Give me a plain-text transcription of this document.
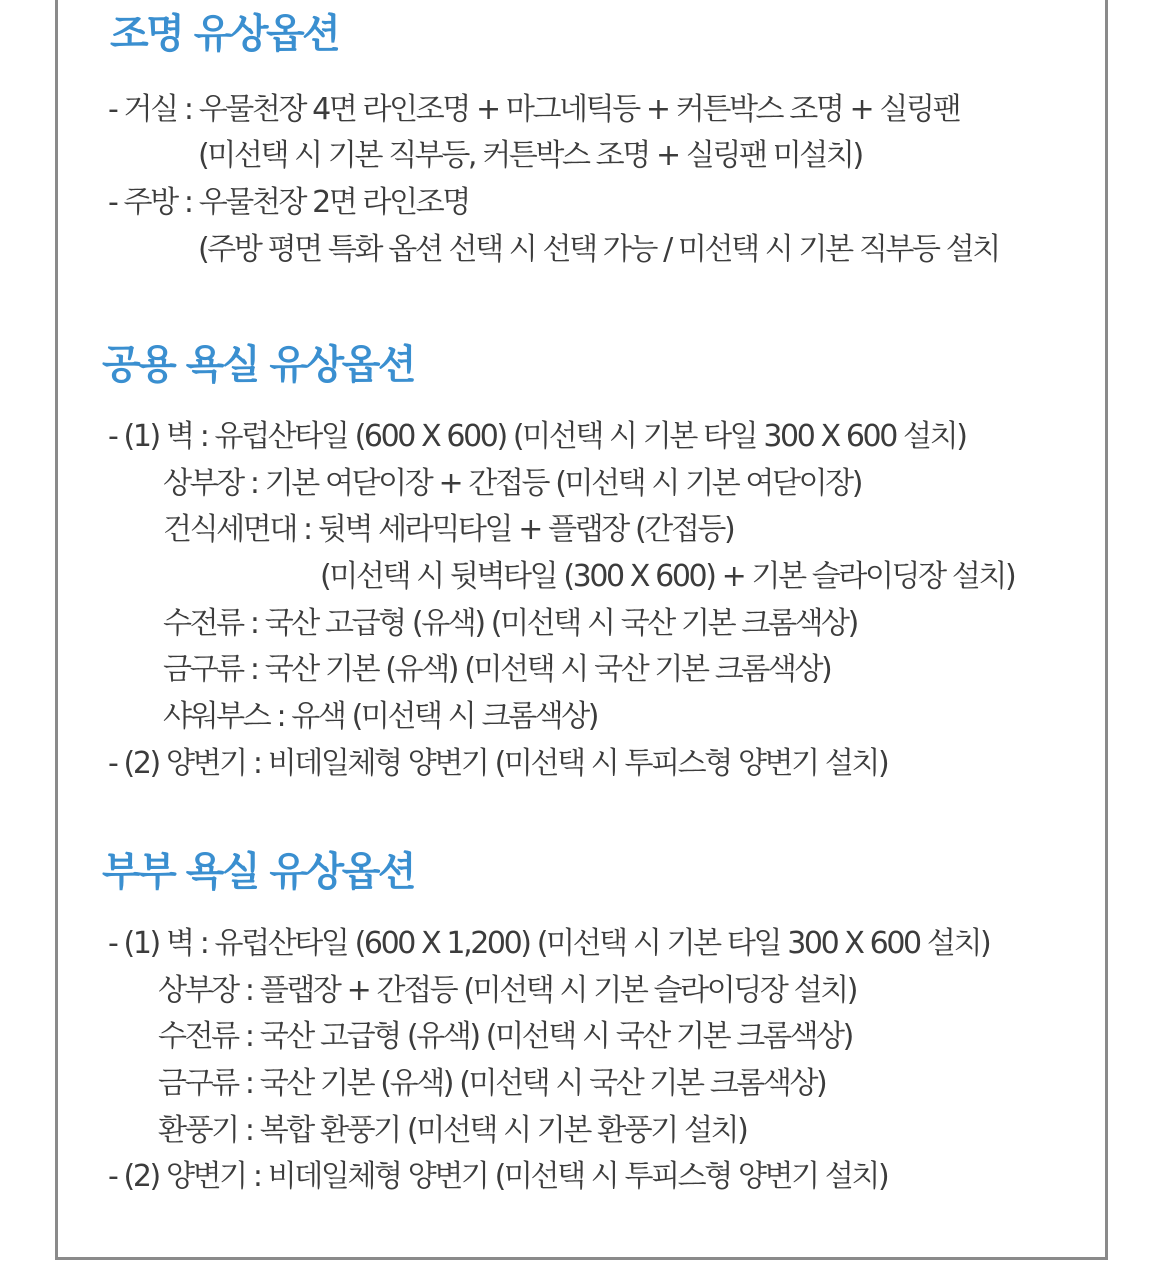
조명 유상옵션

- 거실 : 우물천장 4면 라인조명 + 마그네틱등 + 커튼박스 조명 + 실링팬

(미선택 시 기본 직부등, 커튼박스 조명 + 실링팬 미설치)

- 주방 : 우물천장 2면 라인조명

(주방 평면 특화 옵션 선택 시 선택 가능 / 미선택 시 기본 직부등 설치

공용 욕실 유상옵션

- (1) 벽 : 유럽산타일 (600 X 600) (미선택 시 기본 타일 300 X 600 설치)

상부장 : 기본 여닫이장 + 간접등 (미선택 시 기본 여닫이장)

건식세면대 : 뒷벽 세라믹타일 + 플랩장 (간접등)

(미선택 시 뒷벽타일 (300 X 600) + 기본 슬라이딩장 설치)

수전류 : 국산 고급형 (유색) (미선택 시 국산 기본 크롬색상)

금구류 : 국산 기본 (유색) (미선택 시 국산 기본 크롬색상)

샤워부스 : 유색 (미선택 시 크롬색상)

- (2) 양변기 : 비데일체형 양변기 (미선택 시 투피스형 양변기 설치)

부부 욕실 유상옵션

- (1) 벽 : 유럽산타일 (600 X 1,200) (미선택 시 기본 타일 300 X 600 설치)

상부장 : 플랩장 + 간접등 (미선택 시 기본 슬라이딩장 설치)

수전류 : 국산 고급형 (유색) (미선택 시 국산 기본 크롬색상)

금구류 : 국산 기본 (유색) (미선택 시 국산 기본 크롬색상)

환풍기 : 복합 환풍기 (미선택 시 기본 환풍기 설치)

- (2) 양변기 : 비데일체형 양변기 (미선택 시 투피스형 양변기 설치)
